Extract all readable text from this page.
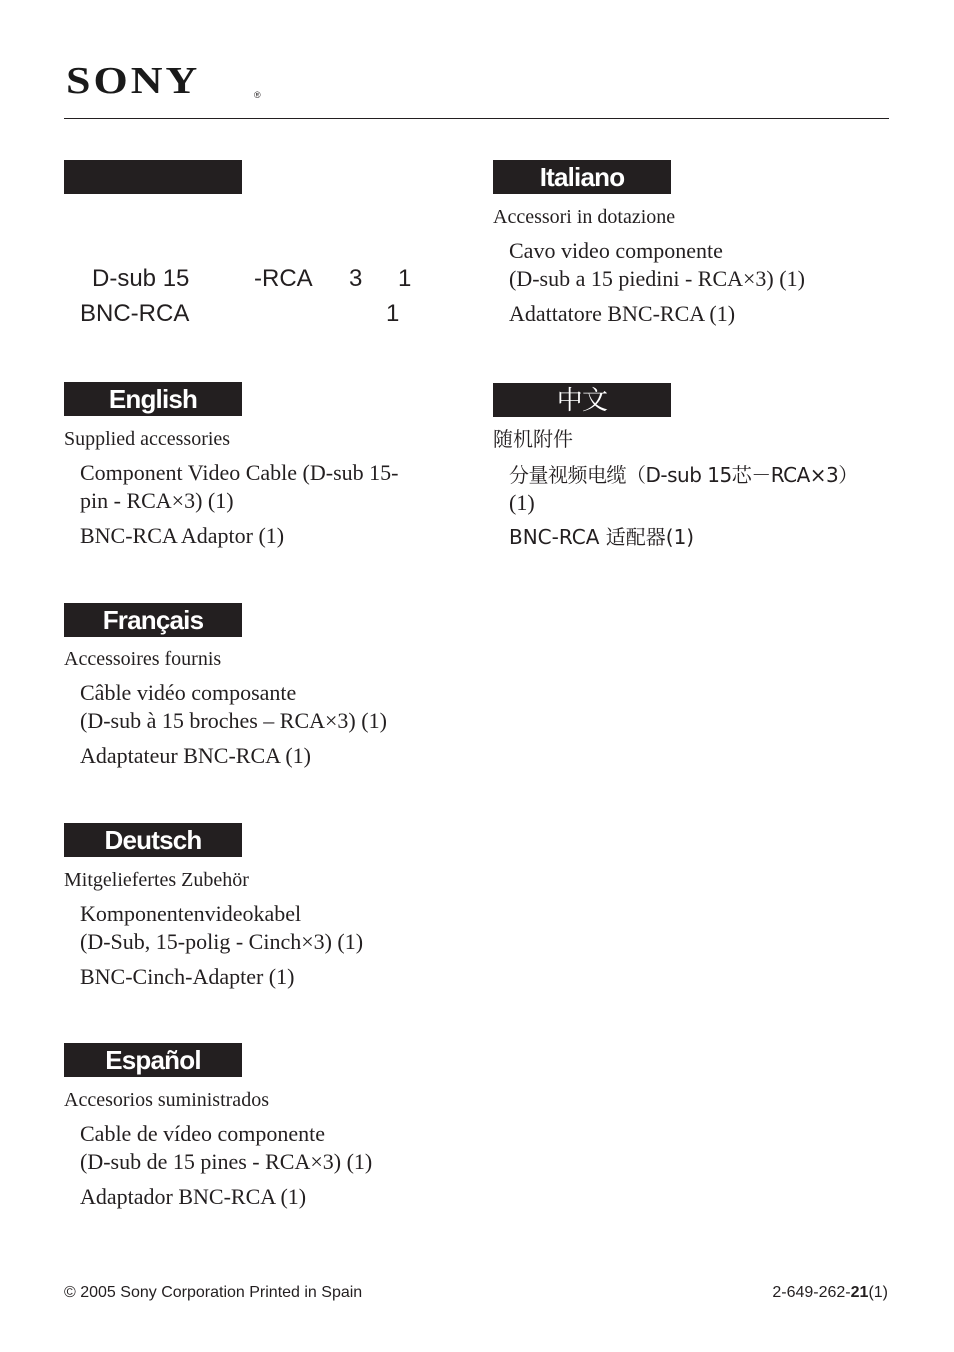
SONY	®
D-sub 15	-RCA 3 1
BNC-RCA	1
Italiano
Accessori in dotazione
Cavo video componente
(D-sub a 15 piedini - RCA×3) (1)
Adattatore BNC-RCA (1)
中文
随机附件
分量视频电缆（D-sub 15芯－RCA×3）
(1)
BNC-RCA 适配器(1)
English
Supplied accessories
Component Video Cable (D-sub 15-
pin - RCA×3) (1)
BNC-RCA Adaptor (1)
Français
Accessoires fournis
Câble vidéo composante
(D-sub à 15 broches – RCA×3) (1)
Adaptateur BNC-RCA (1)
Deutsch
Mitgeliefertes Zubehör
Komponentenvideokabel
(D-Sub, 15-polig - Cinch×3) (1)
BNC-Cinch-Adapter (1)
Español
Accesorios suministrados
Cable de vídeo componente
(D-sub de 15 pines - RCA×3) (1)
Adaptador BNC-RCA (1)
© 2005 Sony Corporation Printed in Spain	2-649-262-21(1)
